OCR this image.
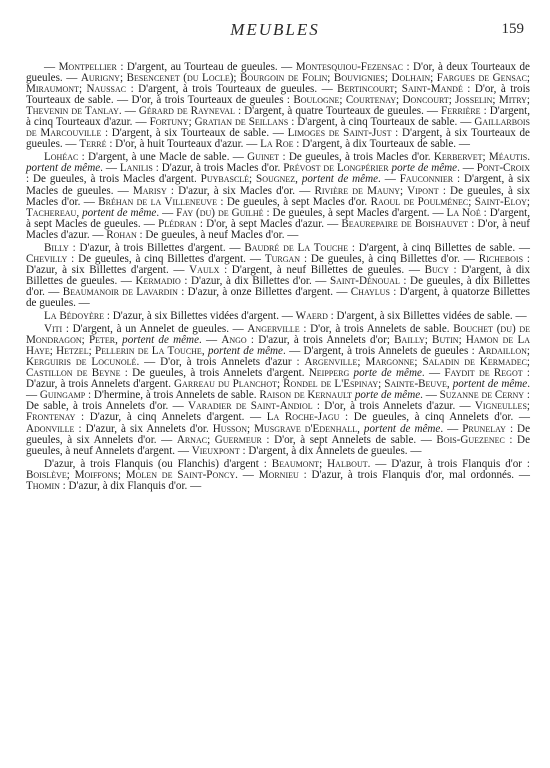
MEUBLES	159

— Montpellier : D'argent, au Tourteau de gueules. — Montesquiou-Fezensac : D'or, à deux Tourteaux de gueules. — Aurigny; Besencenet (du Locle); Bourgoin de Folin; Bouvignies; Dolhain; Fargues de Gensac; Miraumont; Naussac : D'argent, à trois Tourteaux de gueules. — Bertincourt; Saint-Mandé : D'or, à trois Tourteaux de sable. — D'or, à trois Tourteaux de gueules : Boulogne; Courtenay; Doncourt; Josselin; Mitry; Thevenin de Tanlay. — Gérard de Rayneval : D'argent, à quatre Tourteaux de gueules. — Ferrière : D'argent, à cinq Tourteaux d'azur. — Fortuny; Gratian de Seillans : D'argent, à cinq Tourteaux de sable. — Gaillarbois de Marcouville : D'argent, à six Tourteaux de sable. — Limoges de Saint-Just : D'argent, à six Tourteaux de gueules. — Terré : D'or, à huit Tourteaux d'azur. — La Roe : D'argent, à dix Tourteaux de sable. —

Lohéac : D'argent, à une Macle de sable. — Guinet : De gueules, à trois Macles d'or. Kerbervet; Méautis. portent de même. — Lanilis : D'azur, à trois Macles d'or. Prévost de Longpérier porte de même. — Pont-Croix : De gueules, à trois Macles d'argent. Puybasclé; Sougnez, portent de même. — Fauconnier : D'argent, à six Macles de gueules. — Marisy : D'azur, à six Macles d'or. — Rivière de Mauny; Vipont : De gueules, à six Macles d'or. — Bréhan de la Villeneuve : De gueules, à sept Macles d'or. Raoul de Poulménec; Saint-Eloy; Tachereau, portent de même. — Fay (du) de Guilhé : De gueules, à sept Macles d'argent. — La Noé : D'argent, à sept Macles de gueules. — Plédran : D'or, à sept Macles d'azur. — Beaurepaire de Boishauvet : D'or, à neuf Macles d'azur. — Rohan : De gueules, à neuf Macles d'or. —

Billy : D'azur, à trois Billettes d'argent. — Baudré de La Touche : D'argent, à cinq Billettes de sable. — Chevilly : De gueules, à cinq Billettes d'argent. — Turgan : De gueules, à cinq Billettes d'or. — Richebois : D'azur, à six Billettes d'argent. — Vaulx : D'argent, à neuf Billettes de gueules. — Bucy : D'argent, à dix Billettes de gueules. — Kermadio : D'azur, à dix Billettes d'or. — Saint-Dénoual : De gueules, à dix Billettes d'or. — Beaumanoir de Lavardin : D'azur, à onze Billettes d'argent. — Chaylus : D'argent, à quatorze Billettes de gueules. —

La Bédoyère : D'azur, à six Billettes vidées d'argent. — Waerd : D'argent, à six Billettes vidées de sable. —

Viti : D'argent, à un Annelet de gueules. — Angerville : D'or, à trois Annelets de sable. Bouchet (du) de Mondragon; Peter, portent de même. — Ango : D'azur, à trois Annelets d'or; Bailly; Butin; Hamon de La Haye; Hetzel; Pellerin de La Touche, portent de même. — D'argent, à trois Annelets de gueules : Ardaillon; Kerguiris de Locunolé. — D'or, à trois Annelets d'azur : Argenville; Margonne; Saladin de Kermadec; Castillon de Beyne : De gueules, à trois Annelets d'argent. Neipperg porte de même. — Faydit de Regot : D'azur, à trois Annelets d'argent. Garreau du Planchot; Rondel de L'Espinay; Sainte-Beuve, portent de même. — Guingamp : D'hermine, à trois Annelets de sable. Raison de Kernault porte de même. — Suzanne de Cerny : De sable, à trois Annelets d'or. — Varadier de Saint-Andiol : D'or, à trois Annelets d'azur. — Vigneulles; Frontenay : D'azur, à cinq Annelets d'argent. — La Roche-Jagu : De gueules, à cinq Annelets d'or. — Adonville : D'azur, à six Annelets d'or. Husson; Musgrave d'Edenhall, portent de même. — Prunelay : De gueules, à six Annelets d'or. — Arnac; Guermeur : D'or, à sept Annelets de sable. — Bois-Guezenec : De gueules, à neuf Annelets d'argent. — Vieuxpont : D'argent, à dix Annelets de gueules. —

D'azur, à trois Flanquis (ou Flanchis) d'argent : Beaumont; Halbout. — D'azur, à trois Flanquis d'or : Boislève; Moiffons; Molen de Saint-Poncy. — Mornieu : D'azur, à trois Flanquis d'or, mal ordonnés. — Thomin : D'azur, à dix Flanquis d'or. —
